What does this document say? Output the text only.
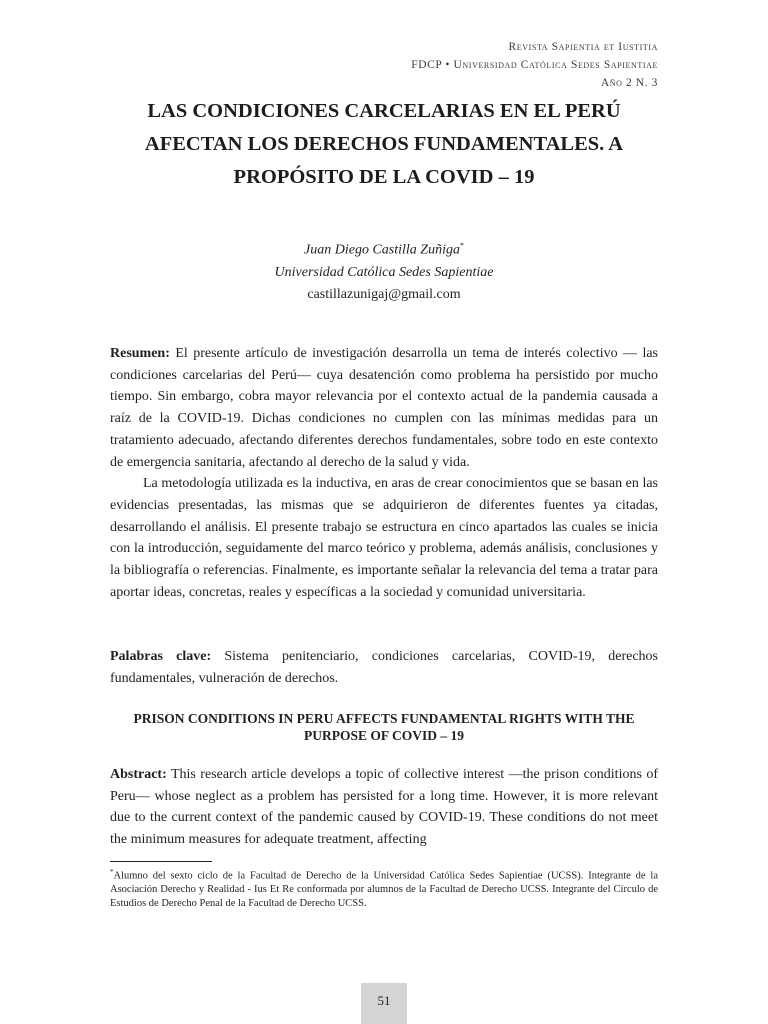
Revista Sapientia et Iustitia
FDCP • Universidad Católica Sedes Sapientiae
Año 2 N. 3
LAS CONDICIONES CARCELARIAS EN EL PERÚ AFECTAN LOS DERECHOS FUNDAMENTALES. A PROPÓSITO DE LA COVID – 19
Juan Diego Castilla Zuñiga*
Universidad Católica Sedes Sapientiae
castillazunigaj@gmail.com

Resumen: El presente artículo de investigación desarrolla un tema de interés colectivo — las condiciones carcelarias del Perú— cuya desatención como problema ha persistido por mucho tiempo. Sin embargo, cobra mayor relevancia por el contexto actual de la pandemia causada a raíz de la COVID-19. Dichas condiciones no cumplen con las mínimas medidas para un tratamiento adecuado, afectando diferentes derechos fundamentales, sobre todo en este contexto de emergencia sanitaria, afectando al derecho de la salud y vida.

La metodología utilizada es la inductiva, en aras de crear conocimientos que se basan en las evidencias presentadas, las mismas que se adquirieron de diferentes fuentes ya citadas, desarrollando el análisis. El presente trabajo se estructura en cinco apartados las cuales se inicia con la introducción, seguidamente del marco teórico y problema, además análisis, conclusiones y la bibliografía o referencias. Finalmente, es importante señalar la relevancia del tema a tratar para aportar ideas, concretas, reales y específicas a la sociedad y comunidad universitaria.

Palabras clave: Sistema penitenciario, condiciones carcelarias, COVID-19, derechos fundamentales, vulneración de derechos.

PRISON CONDITIONS IN PERU AFFECTS FUNDAMENTAL RIGHTS WITH THE PURPOSE OF COVID – 19

Abstract: This research article develops a topic of collective interest —the prison conditions of Peru— whose neglect as a problem has persisted for a long time. However, it is more relevant due to the current context of the pandemic caused by COVID-19. These conditions do not meet the minimum measures for adequate treatment, affecting

*Alumno del sexto ciclo de la Facultad de Derecho de la Universidad Católica Sedes Sapientiae (UCSS). Integrante de la Asociación Derecho y Realidad - Ius Et Re conformada por alumnos de la Facultad de Derecho UCSS. Integrante del Círculo de Estudios de Derecho Penal de la Facultad de Derecho UCSS.
51
